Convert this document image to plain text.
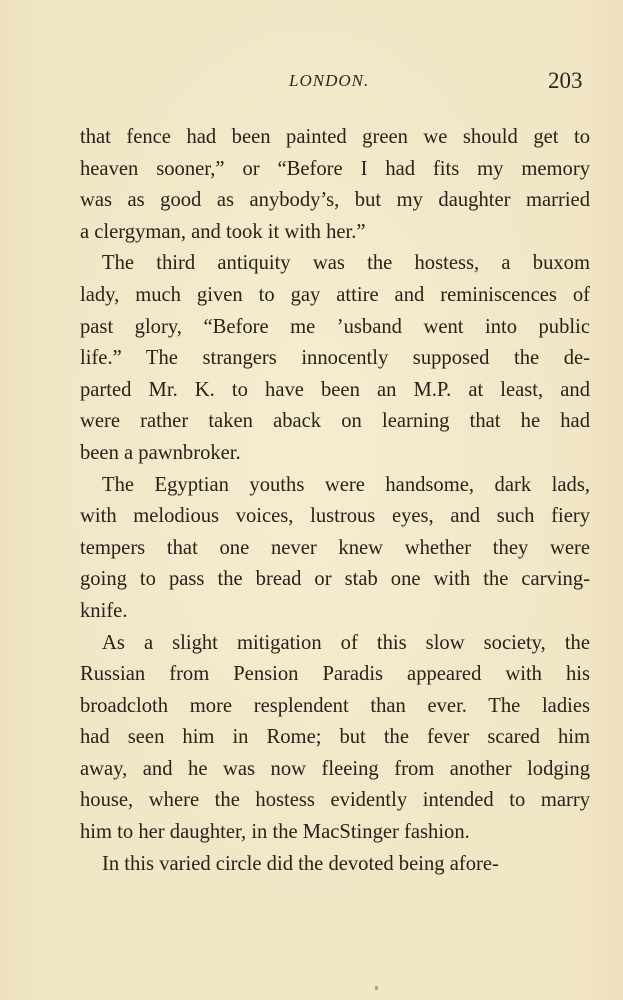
LONDON.	203
that fence had been painted green we should get to
heaven sooner,” or “Before I had fits my memory
was as good as anybody’s, but my daughter married
a clergyman, and took it with her.”
The third antiquity was the hostess, a buxom
lady, much given to gay attire and reminiscences of
past glory, “Before me ’usband went into public
life.” The strangers innocently supposed the de-
parted Mr. K. to have been an M.P. at least, and
were rather taken aback on learning that he had
been a pawnbroker.
The Egyptian youths were handsome, dark lads,
with melodious voices, lustrous eyes, and such fiery
tempers that one never knew whether they were
going to pass the bread or stab one with the carving-
knife.
As a slight mitigation of this slow society, the
Russian from Pension Paradis appeared with his
broadcloth more resplendent than ever. The ladies
had seen him in Rome; but the fever scared him
away, and he was now fleeing from another lodging
house, where the hostess evidently intended to marry
him to her daughter, in the MacStinger fashion.
In this varied circle did the devoted being afore-
